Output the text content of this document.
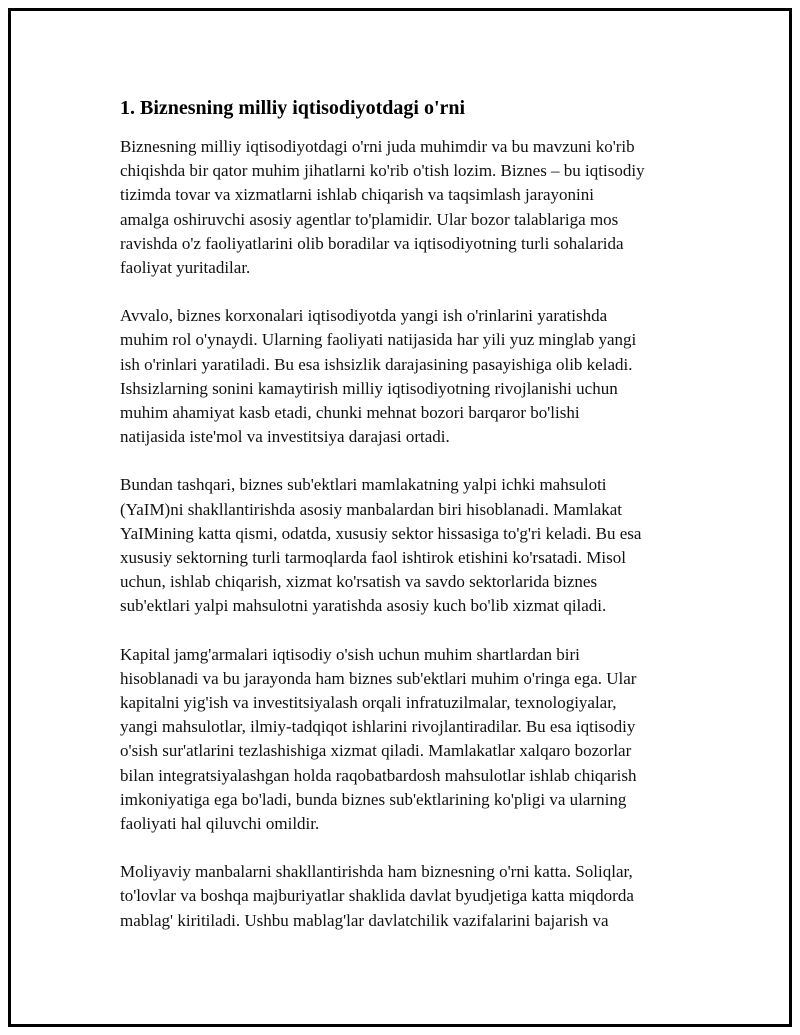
1. Biznesning milliy iqtisodiyotdagi o'rni

Biznesning milliy iqtisodiyotdagi o'rni juda muhimdir va bu mavzuni ko'rib
chiqishda bir qator muhim jihatlarni ko'rib o'tish lozim. Biznes – bu iqtisodiy
tizimda tovar va xizmatlarni ishlab chiqarish va taqsimlash jarayonini
amalga oshiruvchi asosiy agentlar to'plamidir. Ular bozor talablariga mos
ravishda o'z faoliyatlarini olib boradilar va iqtisodiyotning turli sohalarida
faoliyat yuritadilar.

Avvalo, biznes korxonalari iqtisodiyotda yangi ish o'rinlarini yaratishda
muhim rol o'ynaydi. Ularning faoliyati natijasida har yili yuz minglab yangi
ish o'rinlari yaratiladi. Bu esa ishsizlik darajasining pasayishiga olib keladi.
Ishsizlarning sonini kamaytirish milliy iqtisodiyotning rivojlanishi uchun
muhim ahamiyat kasb etadi, chunki mehnat bozori barqaror bo'lishi
natijasida iste'mol va investitsiya darajasi ortadi.

Bundan tashqari, biznes sub'ektlari mamlakatning yalpi ichki mahsuloti
(YaIM)ni shakllantirishda asosiy manbalardan biri hisoblanadi. Mamlakat
YaIMining katta qismi, odatda, xususiy sektor hissasiga to'g'ri keladi. Bu esa
xususiy sektorning turli tarmoqlarda faol ishtirok etishini ko'rsatadi. Misol
uchun, ishlab chiqarish, xizmat ko'rsatish va savdo sektorlarida biznes
sub'ektlari yalpi mahsulotni yaratishda asosiy kuch bo'lib xizmat qiladi.

Kapital jamg'armalari iqtisodiy o'sish uchun muhim shartlardan biri
hisoblanadi va bu jarayonda ham biznes sub'ektlari muhim o'ringa ega. Ular
kapitalni yig'ish va investitsiyalash orqali infratuzilmalar, texnologiyalar,
yangi mahsulotlar, ilmiy-tadqiqot ishlarini rivojlantiradilar. Bu esa iqtisodiy
o'sish sur'atlarini tezlashishiga xizmat qiladi. Mamlakatlar xalqaro bozorlar
bilan integratsiyalashgan holda raqobatbardosh mahsulotlar ishlab chiqarish
imkoniyatiga ega bo'ladi, bunda biznes sub'ektlarining ko'pligi va ularning
faoliyati hal qiluvchi omildir.

Moliyaviy manbalarni shakllantirishda ham biznesning o'rni katta. Soliqlar,
to'lovlar va boshqa majburiyatlar shaklida davlat byudjetiga katta miqdorda
mablag' kiritiladi. Ushbu mablag'lar davlatchilik vazifalarini bajarish va
